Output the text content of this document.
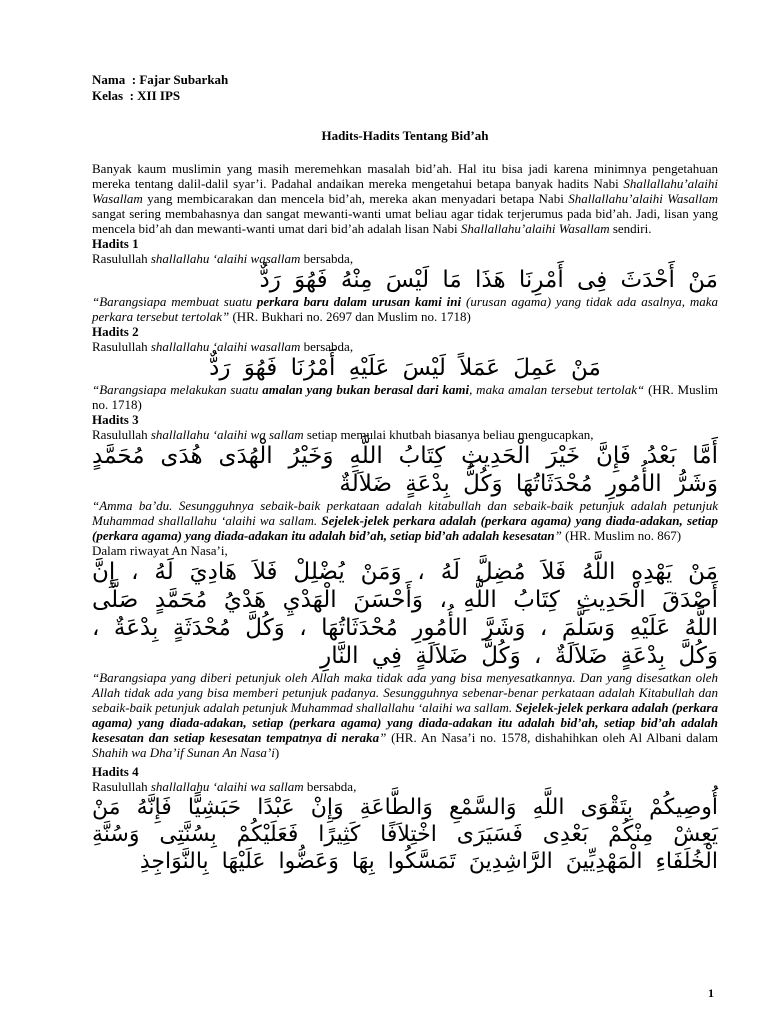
Nama  : Fajar Subarkah
Kelas  : XII IPS
Hadits-Hadits Tentang Bid’ah
Banyak kaum muslimin yang masih meremehkan masalah bid’ah. Hal itu bisa jadi karena minimnya pengetahuan mereka tentang dalil-dalil syar’i. Padahal andaikan mereka mengetahui betapa banyak hadits Nabi Shallallahu’alaihi Wasallam yang membicarakan dan mencela bid’ah, mereka akan menyadari betapa Nabi Shallallahu’alaihi Wasallam sangat sering membahasnya dan sangat mewanti-wanti umat beliau agar tidak terjerumus pada bid’ah. Jadi, lisan yang mencela bid’ah dan mewanti-wanti umat dari bid’ah adalah lisan Nabi Shallallahu’alaihi Wasallam sendiri.
Hadits 1
Rasulullah shallallahu ‘alaihi wasallam bersabda,
مَنْ أَحْدَثَ فِى أَمْرِنَا هَذَا مَا لَيْسَ مِنْهُ فَهُوَ رَدٌّ
“Barangsiapa membuat suatu perkara baru dalam urusan kami ini (urusan agama) yang tidak ada asalnya, maka perkara tersebut tertolak” (HR. Bukhari no. 2697 dan Muslim no. 1718)
Hadits 2
Rasulullah shallallahu ‘alaihi wasallam bersabda,
مَنْ عَمِلَ عَمَلاً لَيْسَ عَلَيْهِ أَمْرُنَا فَهُوَ رَدٌّ
“Barangsiapa melakukan suatu amalan yang bukan berasal dari kami, maka amalan tersebut tertolak“ (HR. Muslim no. 1718)
Hadits 3
Rasulullah shallallahu ‘alaihi wa sallam setiap memulai khutbah biasanya beliau mengucapkan,
أَمَّا بَعْدُ فَإِنَّ خَيْرَ الْحَدِيثِ كِتَابُ اللَّهِ وَخَيْرُ الْهُدَى هُدَى مُحَمَّدٍ وَشَرُّ الأُمُورِ مُحْدَثَاتُهَا وَكُلُّ بِدْعَةٍ ضَلاَلَةٌ
“Amma ba’du. Sesungguhnya sebaik-baik perkataan adalah kitabullah dan sebaik-baik petunjuk adalah petunjuk Muhammad shallallahu ‘alaihi wa sallam. Sejelek-jelek perkara adalah (perkara agama) yang diada-adakan, setiap (perkara agama) yang diada-adakan itu adalah bid’ah, setiap bid’ah adalah kesesatan” (HR. Muslim no. 867)
Dalam riwayat An Nasa’i,
مَنْ يَهْدِهِ اللَّهُ فَلاَ مُضِلَّ لَهُ ، وَمَنْ يُضْلِلْ فَلاَ هَادِيَ لَهُ ، إِنَّ أَصْدَقَ الْحَدِيثِ كِتَابُ اللَّهِ ، وَأَحْسَنَ الْهَدْيِ هَدْيُ مُحَمَّدٍ صَلَّى اللَّهُ عَلَيْهِ وَسَلَّمَ ، وَشَرَّ الأُمُورِ مُحْدَثَاتُهَا ، وَكُلَّ مُحْدَثَةٍ بِدْعَةٌ ، وَكُلَّ بِدْعَةٍ ضَلاَلَةٌ ، وَكُلَّ ضَلاَلَةٍ فِي النَّارِ
“Barangsiapa yang diberi petunjuk oleh Allah maka tidak ada yang bisa menyesatkannya. Dan yang disesatkan oleh Allah tidak ada yang bisa memberi petunjuk padanya. Sesungguhnya sebenar-benar perkataan adalah Kitabullah dan sebaik-baik petunjuk adalah petunjuk Muhammad shallallahu ‘alaihi wa sallam. Sejelek-jelek perkara adalah (perkara agama) yang diada-adakan, setiap (perkara agama) yang diada-adakan itu adalah bid’ah, setiap bid’ah adalah kesesatan dan setiap kesesatan tempatnya di neraka” (HR. An Nasa’i no. 1578, dishahihkan oleh Al Albani dalam Shahih wa Dha’if Sunan An Nasa’i)
Hadits 4
Rasulullah shallallahu ‘alaihi wa sallam bersabda,
أُوصِيكُمْ بِتَقْوَى اللَّهِ وَالسَّمْعِ وَالطَّاعَةِ وَإِنْ عَبْدًا حَبَشِيًّا فَإِنَّهُ مَنْ يَعِشْ مِنْكُمْ بَعْدِى فَسَيَرَى اخْتِلاَفًا كَثِيرًا فَعَلَيْكُمْ بِسُنَّتِى وَسُنَّةِ الْخُلَفَاءِ الْمَهْدِيِّينَ الرَّاشِدِينَ تَمَسَّكُوا بِهَا وَعَضُّوا عَلَيْهَا بِالنَّوَاجِذِ
1
